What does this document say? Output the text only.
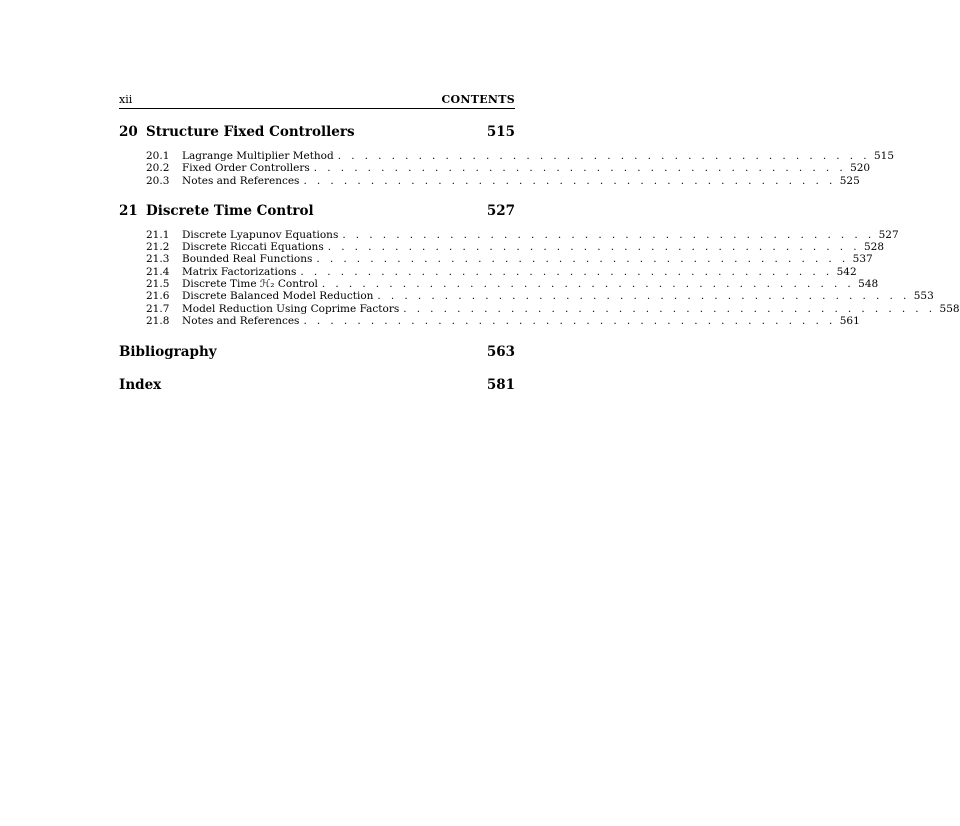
xii	CONTENTS
20 Structure Fixed Controllers	515
20.1	Lagrange Multiplier Method . . . . . . . . . . . . . . . . . . . . . . . . . . . . . . . . . . . . . . . . 515
20.2	Fixed Order Controllers . . . . . . . . . . . . . . . . . . . . . . . . . . . . . . . . . . . . . . . . 520
20.3	Notes and References . . . . . . . . . . . . . . . . . . . . . . . . . . . . . . . . . . . . . . . . 525
21 Discrete Time Control	527
21.1	Discrete Lyapunov Equations . . . . . . . . . . . . . . . . . . . . . . . . . . . . . . . . . . . . . . . . 527
21.2	Discrete Riccati Equations . . . . . . . . . . . . . . . . . . . . . . . . . . . . . . . . . . . . . . . . 528
21.3	Bounded Real Functions . . . . . . . . . . . . . . . . . . . . . . . . . . . . . . . . . . . . . . . . 537
21.4	Matrix Factorizations . . . . . . . . . . . . . . . . . . . . . . . . . . . . . . . . . . . . . . . . 542
21.5	Discrete Time ℋ₂ Control . . . . . . . . . . . . . . . . . . . . . . . . . . . . . . . . . . . . . . . . 548
21.6	Discrete Balanced Model Reduction . . . . . . . . . . . . . . . . . . . . . . . . . . . . . . . . . . . . . . . . 553
21.7	Model Reduction Using Coprime Factors . . . . . . . . . . . . . . . . . . . . . . . . . . . . . . . . . . . . . . . . 558
21.8	Notes and References . . . . . . . . . . . . . . . . . . . . . . . . . . . . . . . . . . . . . . . . 561
Bibliography	563
Index	581
